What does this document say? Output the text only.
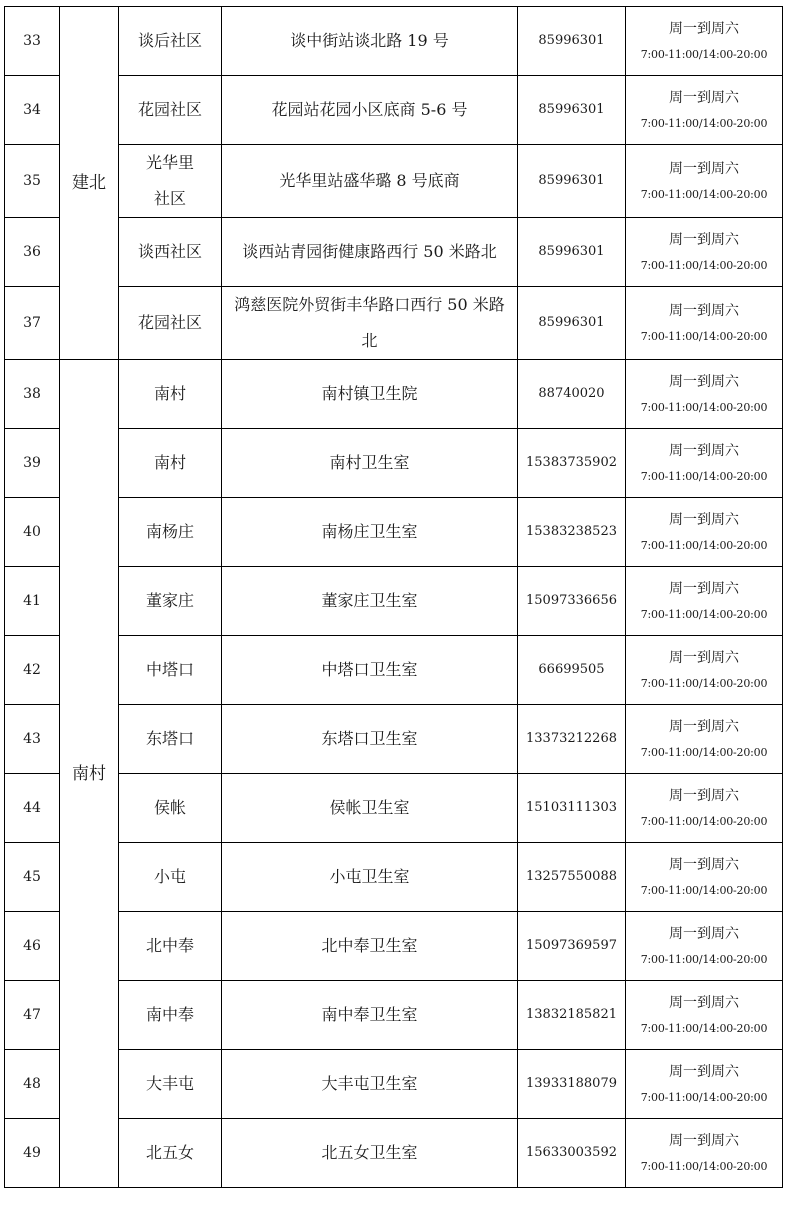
33	建北	谈后社区	谈中街站谈北路 19 号	85996301	周一到周六
7:00-11:00/14:00-20:00

34		花园社区	花园站花园小区底商 5-6 号	85996301	周一到周六
7:00-11:00/14:00-20:00

35		光华里社区	光华里站盛华璐 8 号底商	85996301	周一到周六
7:00-11:00/14:00-20:00

36		谈西社区	谈西站青园街健康路西行 50 米路北	85996301	周一到周六
7:00-11:00/14:00-20:00

37		花园社区	鸿慈医院外贸街丰华路口西行 50 米路北	85996301	周一到周六
7:00-11:00/14:00-20:00

38	南村	南村	南村镇卫生院	88740020	周一到周六
7:00-11:00/14:00-20:00

39		南村	南村卫生室	15383735902	周一到周六
7:00-11:00/14:00-20:00

40		南杨庄	南杨庄卫生室	15383238523	周一到周六
7:00-11:00/14:00-20:00

41		董家庄	董家庄卫生室	15097336656	周一到周六
7:00-11:00/14:00-20:00

42		中塔口	中塔口卫生室	66699505	周一到周六
7:00-11:00/14:00-20:00

43		东塔口	东塔口卫生室	13373212268	周一到周六
7:00-11:00/14:00-20:00

44		侯帐	侯帐卫生室	15103111303	周一到周六
7:00-11:00/14:00-20:00

45		小屯	小屯卫生室	13257550088	周一到周六
7:00-11:00/14:00-20:00

46		北中奉	北中奉卫生室	15097369597	周一到周六
7:00-11:00/14:00-20:00

47		南中奉	南中奉卫生室	13832185821	周一到周六
7:00-11:00/14:00-20:00

48		大丰屯	大丰屯卫生室	13933188079	周一到周六
7:00-11:00/14:00-20:00

49		北五女	北五女卫生室	15633003592	周一到周六
7:00-11:00/14:00-20:00
